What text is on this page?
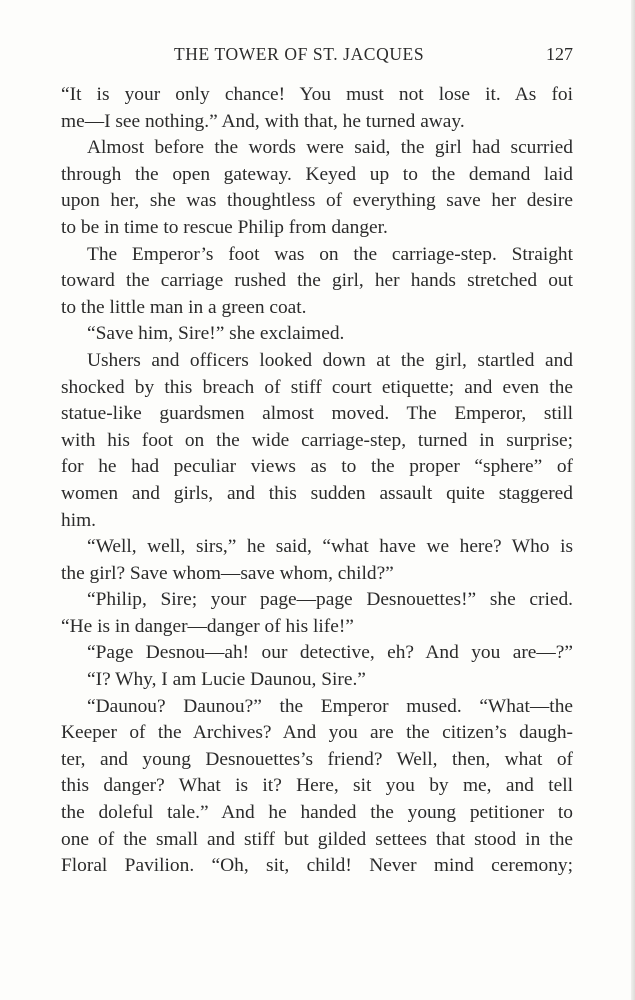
THE TOWER OF ST. JACQUES	127
“It is your only chance! You must not lose it. As foi
me—I see nothing.” And, with that, he turned away.
Almost before the words were said, the girl had scurried
through the open gateway. Keyed up to the demand laid
upon her, she was thoughtless of everything save her desire
to be in time to rescue Philip from danger.
The Emperor’s foot was on the carriage-step. Straight
toward the carriage rushed the girl, her hands stretched out
to the little man in a green coat.
“Save him, Sire!” she exclaimed.
Ushers and officers looked down at the girl, startled and
shocked by this breach of stiff court etiquette; and even the
statue-like guardsmen almost moved. The Emperor, still
with his foot on the wide carriage-step, turned in surprise;
for he had peculiar views as to the proper “sphere” of
women and girls, and this sudden assault quite staggered
him.
“Well, well, sirs,” he said, “what have we here? Who is
the girl? Save whom—save whom, child?”
“Philip, Sire; your page—page Desnouettes!” she cried.
“He is in danger—danger of his life!”
“Page Desnou—ah! our detective, eh? And you are—?”
“I? Why, I am Lucie Daunou, Sire.”
“Daunou? Daunou?” the Emperor mused. “What—the
Keeper of the Archives? And you are the citizen’s daugh-
ter, and young Desnouettes’s friend? Well, then, what of
this danger? What is it? Here, sit you by me, and tell
the doleful tale.” And he handed the young petitioner to
one of the small and stiff but gilded settees that stood in the
Floral Pavilion. “Oh, sit, child! Never mind ceremony;
